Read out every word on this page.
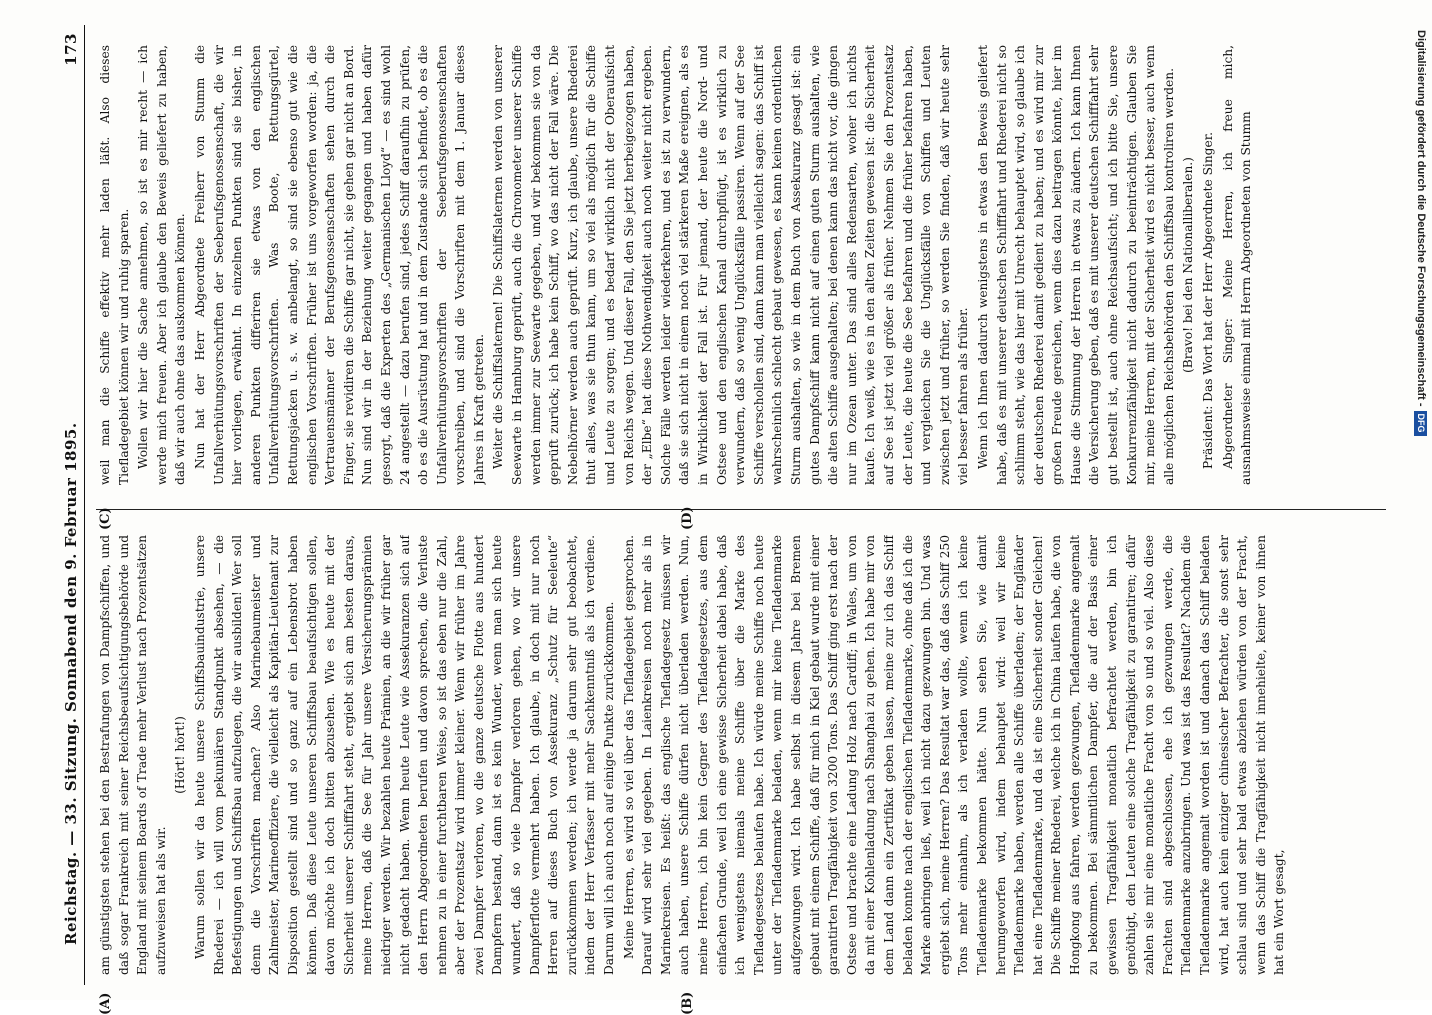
Reichstag. — 33. Sitzung. Sonnabend den 9. Februar 1895.
173

am günstigsten stehen bei den Bestrafungen von Dampfschiffen, und daß sogar Frankreich mit seiner Reichsbeaufsichtigungsbehörde und England mit seinem Boards of Trade mehr Verlust nach Prozentsätzen aufzuweisen hat als wir.

(Hört! hört!) Warum sollen wir da heute unsere Schiffsbauindustrie, unsere Rhederei — ich will vom pekuniären Standpunkt absehen, — die Befestigungen und Schiffsbau aufzulegen, die wir ausbilden! Wer soll denn die Vorschriften machen? Also Marinebaumeister und Zahlmeister, Marineoffiziere, die vielleicht als Kapitän-Lieutenant zur Disposition gestellt sind und so ganz auf ein Lebensbrot haben können. Daß diese Leute unseren Schiffsbau beaufsichtigen sollen, davon möchte ich doch bitten abzusehen. Wie es heute mit der Sicherheit unserer Schifffahrt steht, ergiebt sich am besten daraus, meine Herren, daß die See für Jahr unsere Versicherungsprämien niedriger werden. Wir bezahlen heute Prämien, an die wir früher gar nicht gedacht haben. Wenn heute Leute wie Assekuranzen sich auf den Herrn Abgeordneten berufen und davon sprechen, die Verluste nehmen zu in einer furchtbaren Weise, so ist das eben nur die Zahl, aber der Prozentsatz wird immer kleiner. Wenn wir früher im Jahre zwei Dampfer verloren, wo die ganze deutsche Flotte aus hundert Dampfern bestand, dann ist es kein Wunder, wenn man sich heute wundert, daß so viele Dampfer verloren gehen, wo wir unsere Dampferflotte vermehrt haben. Ich glaube, in doch mit nur noch Herren auf dieses Buch von Assekuranz „Schutz für Seeleute“ zurückkommen werden; ich werde ja darum sehr gut beobachtet, indem der Herr Verfasser mit mehr Sachkenntniß als ich verdiene. Darum will ich auch noch auf einige Punkte zurückkommen. Meine Herren, es wird so viel über das Tiefladegebiet gesprochen. Darauf wird sehr viel gegeben. In Laienkreisen noch mehr als in Marinekreisen. Es heißt: das englische Tiefladegesetz müssen wir auch haben, unsere Schiffe dürfen nicht überladen werden. Nun, meine Herren, ich bin kein Gegner des Tiefladegesetzes, aus dem einfachen Grunde, weil ich eine gewisse Sicherheit dabei habe, daß ich wenigstens niemals meine Schiffe über die Marke des Tiefladegesetzes belaufen habe. Ich würde meine Schiffe noch heute unter der Tiefladenmarke beladen, wenn mir keine Tiefladenmarke aufgezwungen wird. Ich habe selbst in diesem Jahre bei Bremen gebaut mit einem Schiffe, daß für mich in Kiel gebaut wurde mit einer garantirten Tragfähigkeit von 3200 Tons. Das Schiff ging erst nach der Ostsee und brachte eine Ladung Holz nach Cardiff; in Wales, um von da mit einer Kohlenladung nach Shanghai zu gehen. Ich habe mir von dem Land dann ein Zertifikat geben lassen, meine zur ich das Schiff beladen konnte nach der englischen Tiefladenmarke, ohne daß ich die Marke anbringen ließ, weil ich nicht dazu gezwungen bin. Und was ergiebt sich, meine Herren? Das Resultat war das, daß das Schiff 250 Tons mehr einnahm, als ich verladen wollte, wenn ich keine Tiefladenmarke bekommen hätte. Nun sehen Sie, wie damit herumgeworfen wird, indem behauptet wird: weil wir keine Tiefladenmarke haben, werden alle Schiffe überladen; der Engländer hat eine Tiefladenmarke, und da ist eine Sicherheit sonder Gleichen! Die Schiffe meiner Rhederei, welche ich in China laufen habe, die von Hongkong aus fahren, werden gezwungen, Tiefladenmarke angemalt zu bekommen. Bei sämmtlichen Dampfer, die auf der Basis einer gewissen Tragfähigkeit monatlich befrachtet werden, bin ich genöthigt, den Leuten eine solche Tragfähigkeit zu garantiren; dafür zahlen sie mir eine monatliche Fracht von so und so viel. Also diese Frachten sind abgeschlossen, ehe ich gezwungen werde, die Tiefladenmarke anzubringen. Und was ist das Resultat? Nachdem die Tiefladenmarke angemalt worden ist und danach das Schiff beladen wird, hat auch kein einziger chinesischer Befrachter, die sonst sehr schlau sind und sehr bald etwas abziehen würden von der Fracht, wenn das Schiff die Tragfähigkeit nicht innehielte, keiner von ihnen hat ein Wort gesagt,

(A)	(B)
(C)	(D)

weil man die Schiffe effektiv mehr laden läßt. Also dieses Tiefladegebiet können wir und ruhig sparen. Wollen wir hier die Sache annehmen, so ist es mir recht — ich werde mich freuen. Aber ich glaube den Beweis geliefert zu haben, daß wir auch ohne das auskommen können. Nun hat der Herr Abgeordnete Freiherr von Stumm die Unfallverhütungsvorschriften der Seeberufsgenossenschaft, die wir hier vorliegen, erwähnt. In einzelnen Punkten sind sie bisher, in anderen Punkten differiren sie etwas von den englischen Unfallverhütungsvorschriften. Was Boote, Rettungsgürtel, Rettungsjacken u. s. w. anbelangt, so sind sie ebenso gut wie die englischen Vorschriften. Früher ist uns vorgeworfen worden: ja, die Vertrauensmänner der Berufsgenossenschaften sehen durch die Finger, sie revidiren die Schiffe gar nicht, sie gehen gar nicht an Bord. Nun sind wir in der Beziehung weiter gegangen und haben dafür gesorgt, daß die Experten des „Germanischen Lloyd“ — es sind wohl 24 angestellt — dazu berufen sind, jedes Schiff daraufhin zu prüfen, ob es die Ausrüstung hat und in dem Zustande sich befindet, ob es die Unfallverhütungsvorschriften der Seeberufsgenossenschaften vorschreiben, und sind die Vorschriften mit dem 1. Januar dieses Jahres in Kraft getreten. Weiter die Schiffslaternen! Die Schiffslaternen werden von unserer Seewarte in Hamburg geprüft, auch die Chronometer unserer Schiffe werden immer zur Seewarte gegeben, und wir bekommen sie von da geprüft zurück; ich habe kein Schiff, wo das nicht der Fall wäre. Die Nebelhörner werden auch geprüft. Kurz, ich glaube, unsere Rhederei thut alles, was sie thun kann, um so viel als möglich für die Schiffe und Leute zu sorgen; und es bedarf wirklich nicht der Oberaufsicht von Reichs wegen. Und dieser Fall, den Sie jetzt herbeigezogen haben, der „Elbe“ hat diese Nothwendigkeit auch noch weiter nicht ergeben. Solche Fälle werden leider wiederkehren, und es ist zu verwundern, daß sie sich nicht in einem noch viel stärkeren Maße ereignen, als es in Wirklichkeit der Fall ist. Für jemand, der heute die Nord- und Ostsee und den englischen Kanal durchpflügt, ist es wirklich zu verwundern, daß so wenig Unglücksfälle passiren. Wenn auf der See Schiffe verschollen sind, dann kann man vielleicht sagen: das Schiff ist wahrscheinlich schlecht gebaut gewesen, es kann keinen ordentlichen Sturm aushalten, so wie in dem Buch von Assekuranz gesagt ist: ein gutes Dampfschiff kann nicht auf einen guten Sturm aushalten, wie die alten Schiffe ausgehalten; bei denen kann das nicht vor, die gingen nur im Ozean unter. Das sind alles Redensarten, woher ich nichts kaufe. Ich weiß, wie es in den alten Zeiten gewesen ist: die Sicherheit auf See ist jetzt viel größer als früher. Nehmen Sie den Prozentsatz der Leute, die heute die See befahren und die früher befahren haben, und vergleichen Sie die Unglücksfälle von Schiffen und Leuten zwischen jetzt und früher, so werden Sie finden, daß wir heute sehr viel besser fahren als früher. Wenn ich Ihnen dadurch wenigstens in etwas den Beweis geliefert habe, daß es mit unserer deutschen Schifffahrt und Rhederei nicht so schlimm steht, wie das hier mit Unrecht behauptet wird, so glaube ich der deutschen Rhederei damit gedient zu haben; und es wird mir zur großen Freude gereichen, wenn dies dazu beitragen könnte, hier im Hause die Stimmung der Herren in etwas zu ändern. Ich kann Ihnen die Versicherung geben, daß es mit unserer deutschen Schifffahrt sehr gut bestellt ist, auch ohne Reichsaufsicht; und ich bitte Sie, unsere Konkurrenzfähigkeit nicht dadurch zu beeinträchtigen. Glauben Sie mir, meine Herren, mit der Sicherheit wird es nicht besser, auch wenn alle möglichen Reichsbehörden den Schiffsbau kontroliren werden. (Bravo! bei den Nationalliberalen.) Präsident: Das Wort hat der Herr Abgeordnete Singer. Abgeordneter Singer: Meine Herren, ich freue mich, ausnahmsweise einmal mit Herrn Abgeordneten von Stumm	Digitalisierung gefördert durch die Deutsche Forschungsgemeinschaft -DFG
